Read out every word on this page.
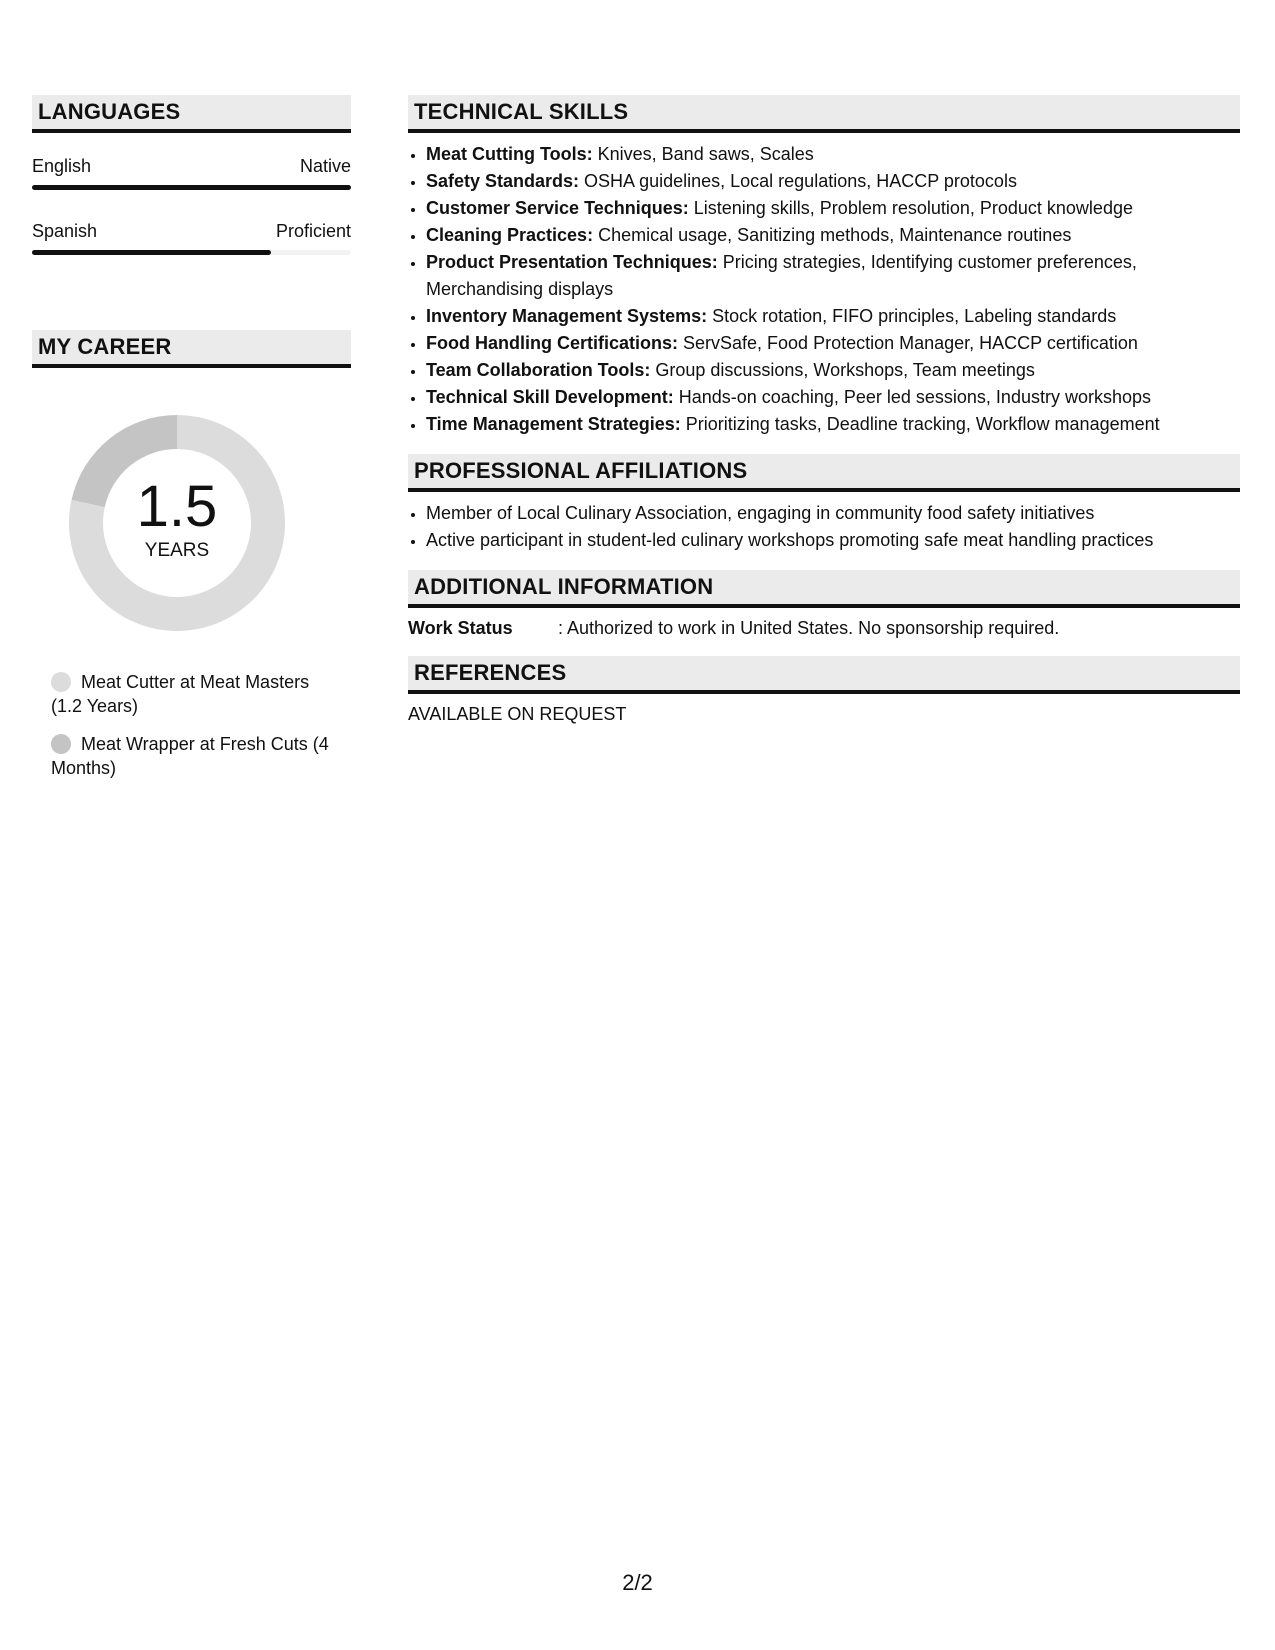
LANGUAGES
English	Native
Spanish	Proficient
MY CAREER
1.5
YEARS
Meat Cutter at Meat Masters (1.2 Years)
Meat Wrapper at Fresh Cuts (4 Months)
TECHNICAL SKILLS
• Meat Cutting Tools: Knives, Band saws, Scales
• Safety Standards: OSHA guidelines, Local regulations, HACCP protocols
• Customer Service Techniques: Listening skills, Problem resolution, Product knowledge
• Cleaning Practices: Chemical usage, Sanitizing methods, Maintenance routines
• Product Presentation Techniques: Pricing strategies, Identifying customer preferences, Merchandising displays
• Inventory Management Systems: Stock rotation, FIFO principles, Labeling standards
• Food Handling Certifications: ServSafe, Food Protection Manager, HACCP certification
• Team Collaboration Tools: Group discussions, Workshops, Team meetings
• Technical Skill Development: Hands-on coaching, Peer led sessions, Industry workshops
• Time Management Strategies: Prioritizing tasks, Deadline tracking, Workflow management
PROFESSIONAL AFFILIATIONS
• Member of Local Culinary Association, engaging in community food safety initiatives
• Active participant in student-led culinary workshops promoting safe meat handling practices
ADDITIONAL INFORMATION
Work Status	: Authorized to work in United States. No sponsorship required.
REFERENCES
AVAILABLE ON REQUEST
2/2
